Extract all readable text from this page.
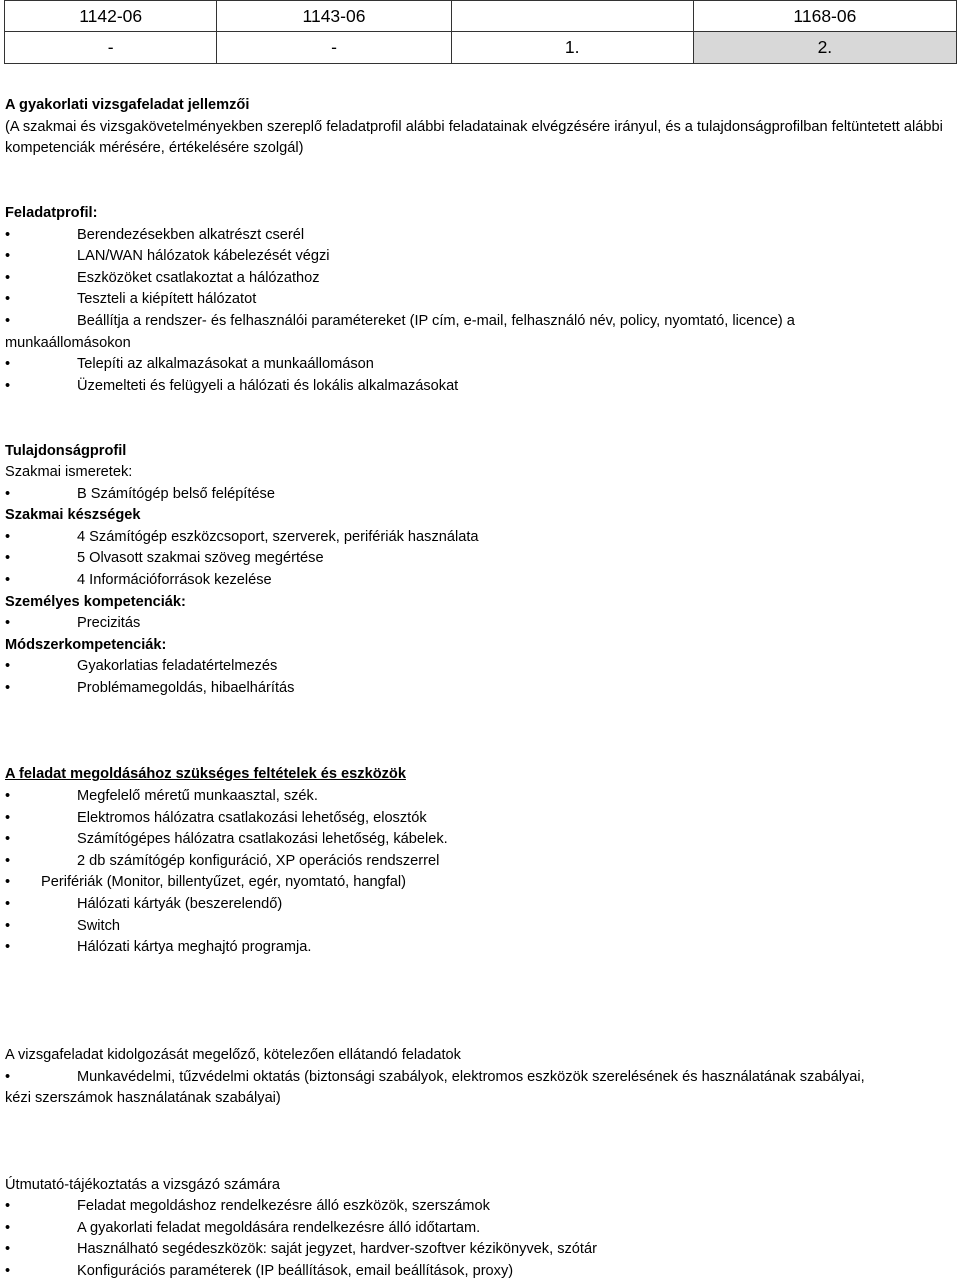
1142-06	1143-06		1168-06
-	-	1.	2.
A gyakorlati vizsgafeladat jellemzői
(A szakmai és vizsgakövetelményekben szereplő feladatprofil alábbi feladatainak elvégzésére irányul, és a tulajdonságprofilban feltüntetett alábbi kompetenciák mérésére, értékelésére szolgál)
Feladatprofil:
•	Berendezésekben alkatrészt cserél
•	LAN/WAN hálózatok kábelezését végzi
•	Eszközöket csatlakoztat a hálózathoz
•	Teszteli a kiépített hálózatot
•	Beállítja a rendszer- és felhasználói paramétereket (IP cím, e-mail, felhasználó név, policy, nyomtató, licence) a
munkaállomásokon
•	Telepíti az alkalmazásokat a munkaállomáson
•	Üzemelteti és felügyeli a hálózati és lokális alkalmazásokat
Tulajdonságprofil
Szakmai ismeretek:
•	B Számítógép belső felépítése
Szakmai készségek
•	4 Számítógép eszközcsoport, szerverek, perifériák használata
•	5 Olvasott szakmai szöveg megértése
•	4 Információforrások kezelése
Személyes kompetenciák:
•	Precizitás
Módszerkompetenciák:
•	Gyakorlatias feladatértelmezés
•	Problémamegoldás, hibaelhárítás
A feladat megoldásához szükséges feltételek és eszközök
•	Megfelelő méretű munkaasztal, szék.
•	Elektromos hálózatra csatlakozási lehetőség, elosztók
•	Számítógépes hálózatra csatlakozási lehetőség, kábelek.
•	2 db számítógép konfiguráció, XP operációs rendszerrel
•	Perifériák (Monitor, billentyűzet, egér, nyomtató, hangfal)
•	Hálózati kártyák (beszerelendő)
•	Switch
•	Hálózati kártya meghajtó programja.
A vizsgafeladat kidolgozását megelőző, kötelezően ellátandó feladatok
•	Munkavédelmi, tűzvédelmi oktatás (biztonsági szabályok, elektromos eszközök szerelésének és használatának szabályai,
kézi szerszámok használatának szabályai)
Útmutató-tájékoztatás a vizsgázó számára
•	Feladat megoldáshoz rendelkezésre álló eszközök, szerszámok
•	A gyakorlati feladat megoldására rendelkezésre álló időtartam.
•	Használható segédeszközök: saját jegyzet, hardver-szoftver kézikönyvek, szótár
•	Konfigurációs paraméterek (IP beállítások, email beállítások, proxy)
